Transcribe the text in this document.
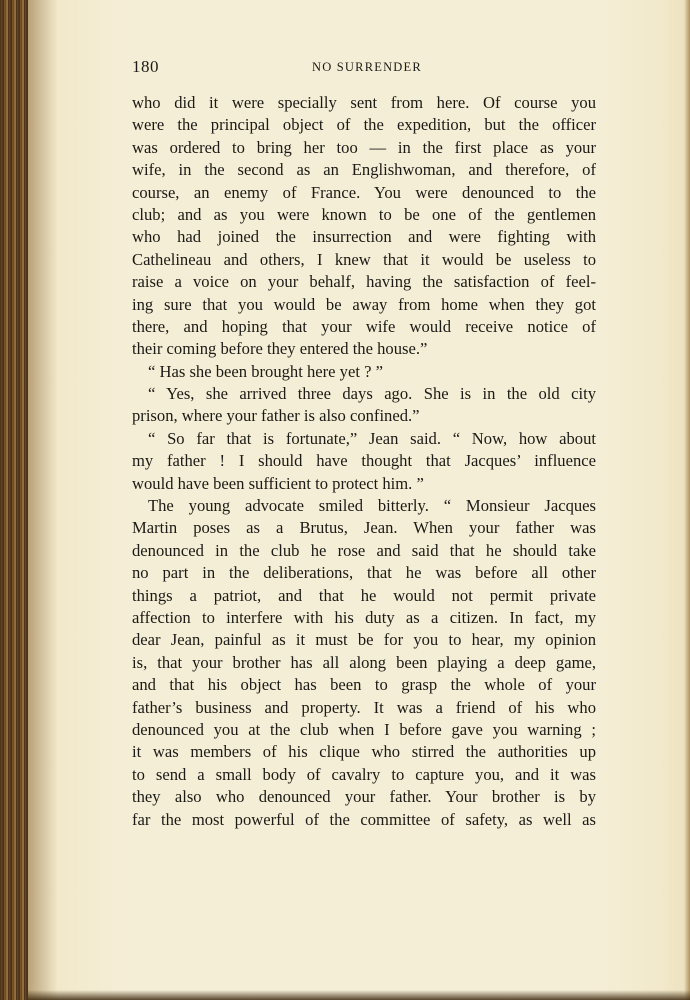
180	NO SURRENDER
who did it were specially sent from here. Of course you
were the principal object of the expedition, but the officer
was ordered to bring her too — in the first place as your
wife, in the second as an Englishwoman, and therefore, of
course, an enemy of France. You were denounced to the
club; and as you were known to be one of the gentlemen
who had joined the insurrection and were fighting with
Cathelineau and others, I knew that it would be useless to
raise a voice on your behalf, having the satisfaction of feel-
ing sure that you would be away from home when they got
there, and hoping that your wife would receive notice of
their coming before they entered the house.”
“ Has she been brought here yet ? ”
“ Yes, she arrived three days ago. She is in the old city
prison, where your father is also confined.”
“ So far that is fortunate,” Jean said. “ Now, how about
my father ! I should have thought that Jacques’ influence
would have been sufficient to protect him. ”
The young advocate smiled bitterly. “ Monsieur Jacques
Martin poses as a Brutus, Jean. When your father was
denounced in the club he rose and said that he should take
no part in the deliberations, that he was before all other
things a patriot, and that he would not permit private
affection to interfere with his duty as a citizen. In fact, my
dear Jean, painful as it must be for you to hear, my opinion
is, that your brother has all along been playing a deep game,
and that his object has been to grasp the whole of your
father’s business and property. It was a friend of his who
denounced you at the club when I before gave you warning ;
it was members of his clique who stirred the authorities up
to send a small body of cavalry to capture you, and it was
they also who denounced your father. Your brother is by
far the most powerful of the committee of safety, as well as
